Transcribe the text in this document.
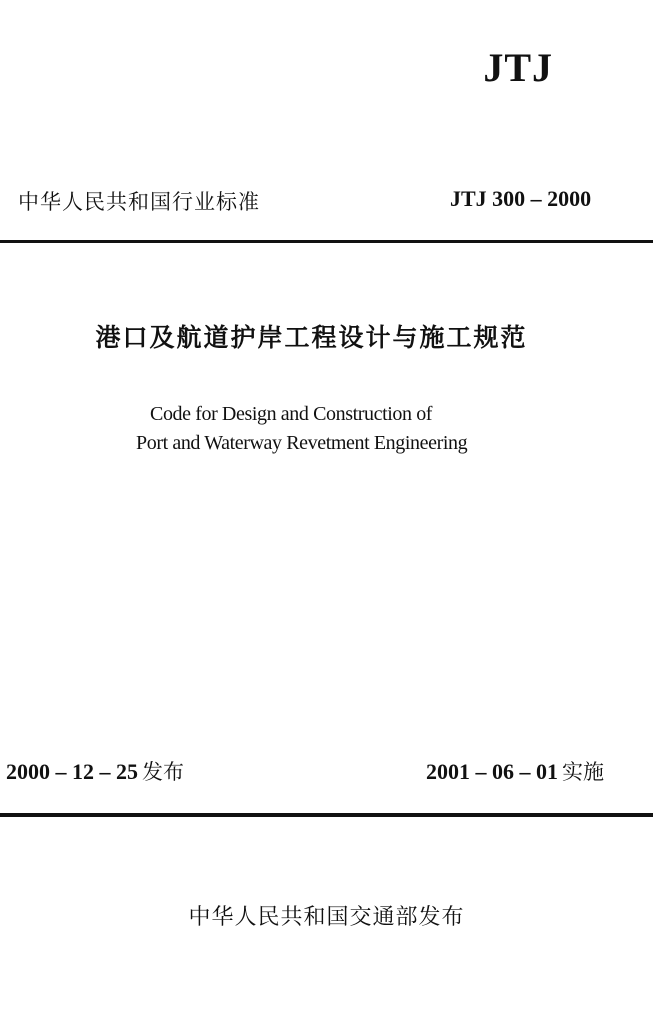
JTJ
中华人民共和国行业标准	JTJ 300 – 2000
港口及航道护岸工程设计与施工规范
Code for Design and Construction of
Port and Waterway Revetment Engineering
2000 – 12 – 25 发布	2001 – 06 – 01 实施
中华人民共和国交通部发布
